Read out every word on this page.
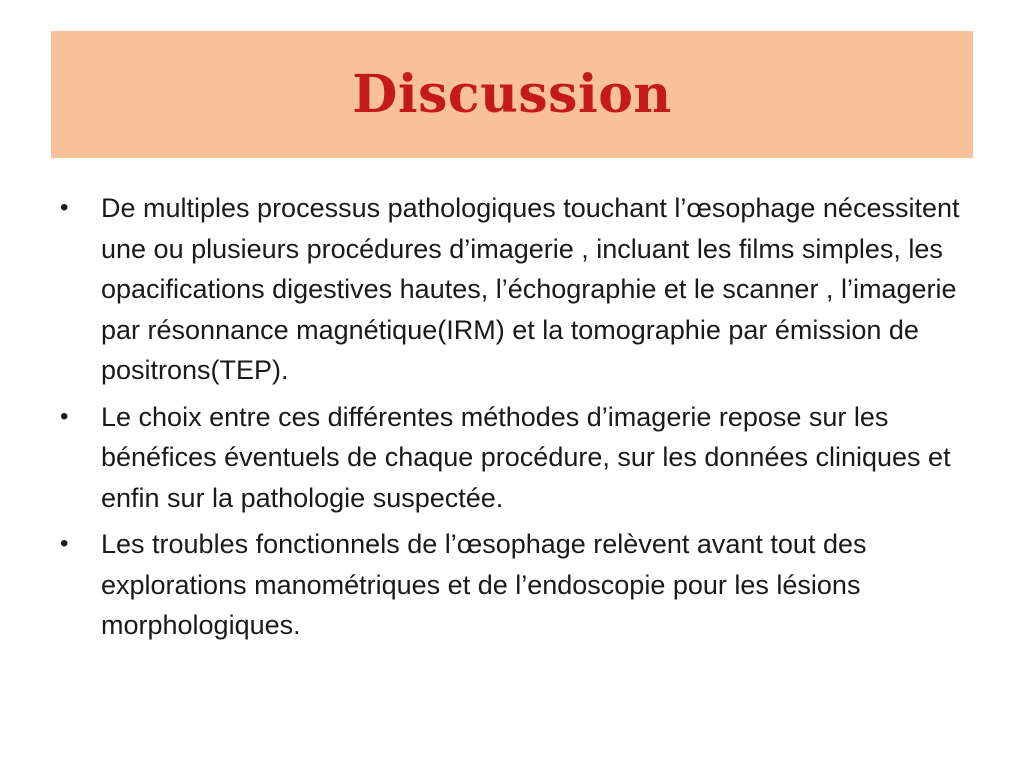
Discussion
•	De multiples processus pathologiques touchant l’œsophage nécessitent une ou plusieurs procédures d’imagerie , incluant les films simples, les opacifications digestives hautes, l’échographie et le scanner , l’imagerie par résonnance magnétique(IRM) et la tomographie par émission de positrons(TEP).
•	Le choix entre ces différentes méthodes d’imagerie repose sur les bénéfices éventuels de chaque procédure, sur les données cliniques et enfin sur la pathologie suspectée.
•	Les troubles fonctionnels de l’œsophage relèvent avant tout des explorations manométriques et de l’endoscopie pour les lésions morphologiques.
